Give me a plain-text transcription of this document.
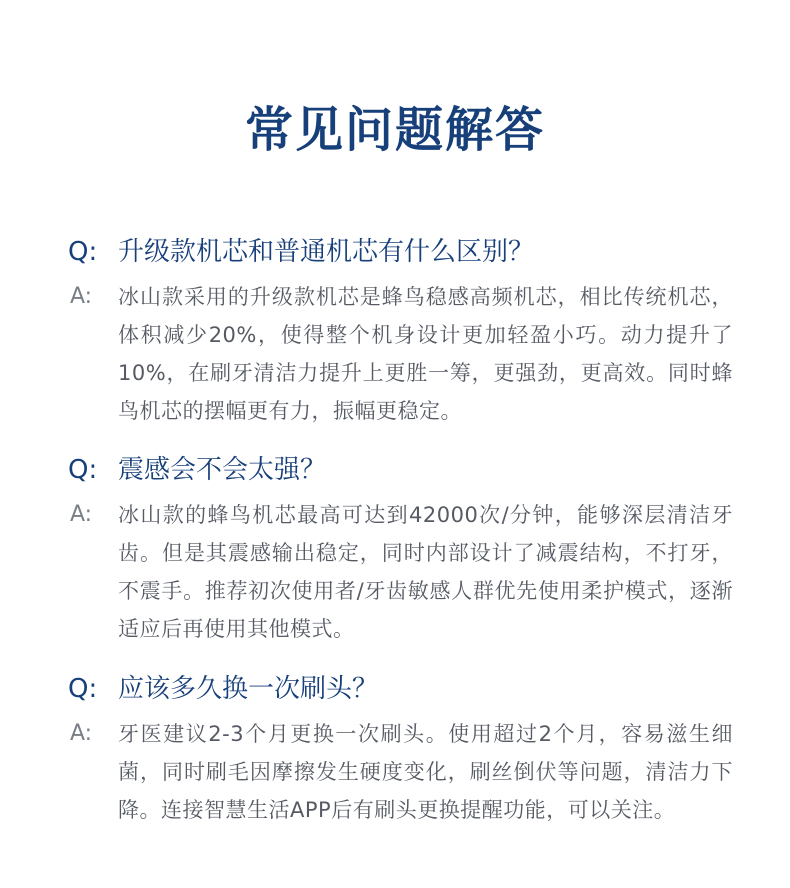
常见问题解答
Q: 升级款机芯和普通机芯有什么区别？
A: 冰山款采用的升级款机芯是蜂鸟稳感高频机芯，相比传统机芯，体积减少20%，使得整个机身设计更加轻盈小巧。动力提升了10%，在刷牙清洁力提升上更胜一筹，更强劲，更高效。同时蜂鸟机芯的摆幅更有力，振幅更稳定。
Q: 震感会不会太强？
A: 冰山款的蜂鸟机芯最高可达到42000次/分钟，能够深层清洁牙齿。但是其震感输出稳定，同时内部设计了减震结构，不打牙，不震手。推荐初次使用者/牙齿敏感人群优先使用柔护模式，逐渐适应后再使用其他模式。
Q: 应该多久换一次刷头？
A: 牙医建议2-3个月更换一次刷头。使用超过2个月，容易滋生细菌，同时刷毛因摩擦发生硬度变化，刷丝倒伏等问题，清洁力下降。连接智慧生活APP后有刷头更换提醒功能，可以关注。
